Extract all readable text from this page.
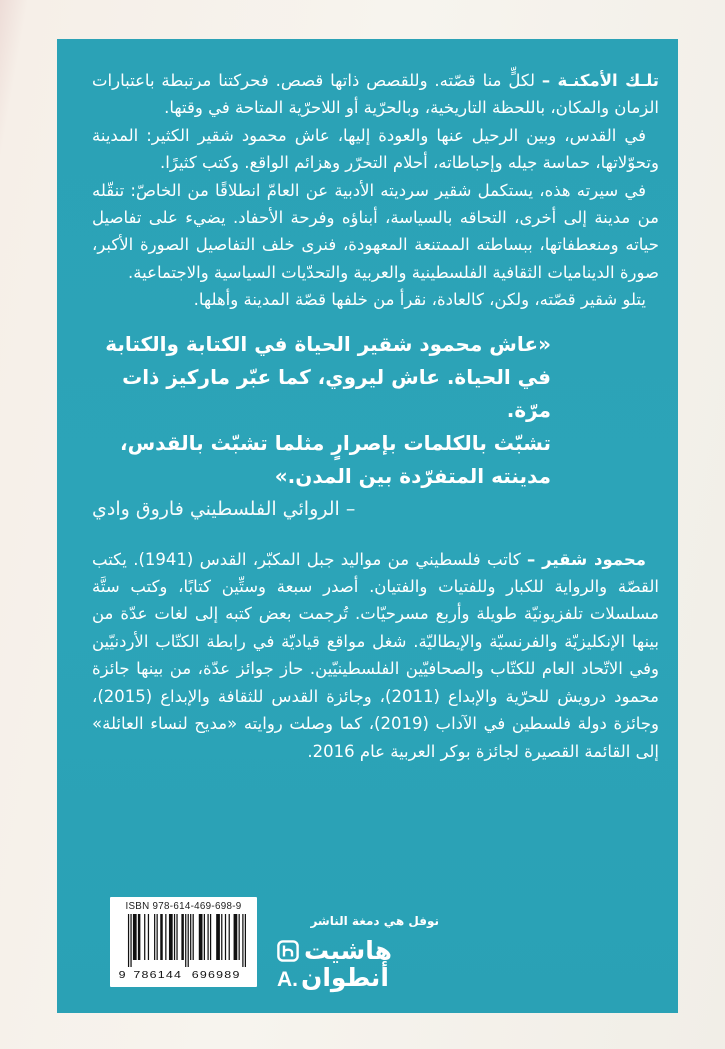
تلـك الأمكنـة – لكلٍّ منا قصّته. وللقصص ذاتها قصص. فحركتنا مرتبطة باعتبارات الزمان والمكان، باللحظة التاريخية، وبالحرّية أو اللاحرّية المتاحة في وقتها.

في القدس، وبين الرحيل عنها والعودة إليها، عاش محمود شقير الكثير: المدينة وتحوّلاتها، حماسة جيله وإحباطاته، أحلام التحرّر وهزائم الواقع. وكتب كثيرًا.

في سيرته هذه، يستكمل شقير سرديته الأدبية عن العامّ انطلاقًا من الخاصّ: تنقّله من مدينة إلى أخرى، التحاقه بالسياسة، أبناؤه وفرحة الأحفاد. يضيء على تفاصيل حياته ومنعطفاتها، ببساطته الممتنعة المعهودة، فنرى خلف التفاصيل الصورة الأكبر، صورة الديناميات الثقافية الفلسطينية والعربية والتحدّيات السياسية والاجتماعية.

يتلو شقير قصّته، ولكن، كالعادة، نقرأ من خلفها قصّة المدينة وأهلها.

«عاش محمود شقير الحياة في الكتابة والكتابة
في الحياة. عاش ليروي، كما عبّر ماركيز ذات مرّة.
تشبّث بالكلمات بإصرارٍ مثلما تشبّث بالقدس،
مدينته المتفرّدة بين المدن.»
– الروائي الفلسطيني فاروق وادي

محمود شقير – كاتب فلسطيني من مواليد جبل المكبّر، القدس (1941). يكتب القصّة والرواية للكبار وللفتيات والفتيان. أصدر سبعة وستِّين كتابًا، وكتب ستَّة مسلسلات تلفزيونيّة طويلة وأربع مسرحيّات. تُرجمت بعض كتبه إلى لغات عدّة من بينها الإنكليزيّة والفرنسيّة والإيطاليّة. شغل مواقع قياديّة في رابطة الكتّاب الأردنيّين وفي الاتّحاد العام للكتّاب والصحافيّين الفلسطينيّين. حاز جوائز عدّة، من بينها جائزة محمود درويش للحرّية والإبداع (2011)، وجائزة القدس للثقافة والإبداع (2015)، وجائزة دولة فلسطين في الآداب (2019)، كما وصلت روايته «مديح لنساء العائلة» إلى القائمة القصيرة لجائزة بوكر العربية عام 2016.

ISBN 978-614-469-698-9
9 786144 696989
نوفل هي دمغة الناشر
هاشيت
A. أنطوان
